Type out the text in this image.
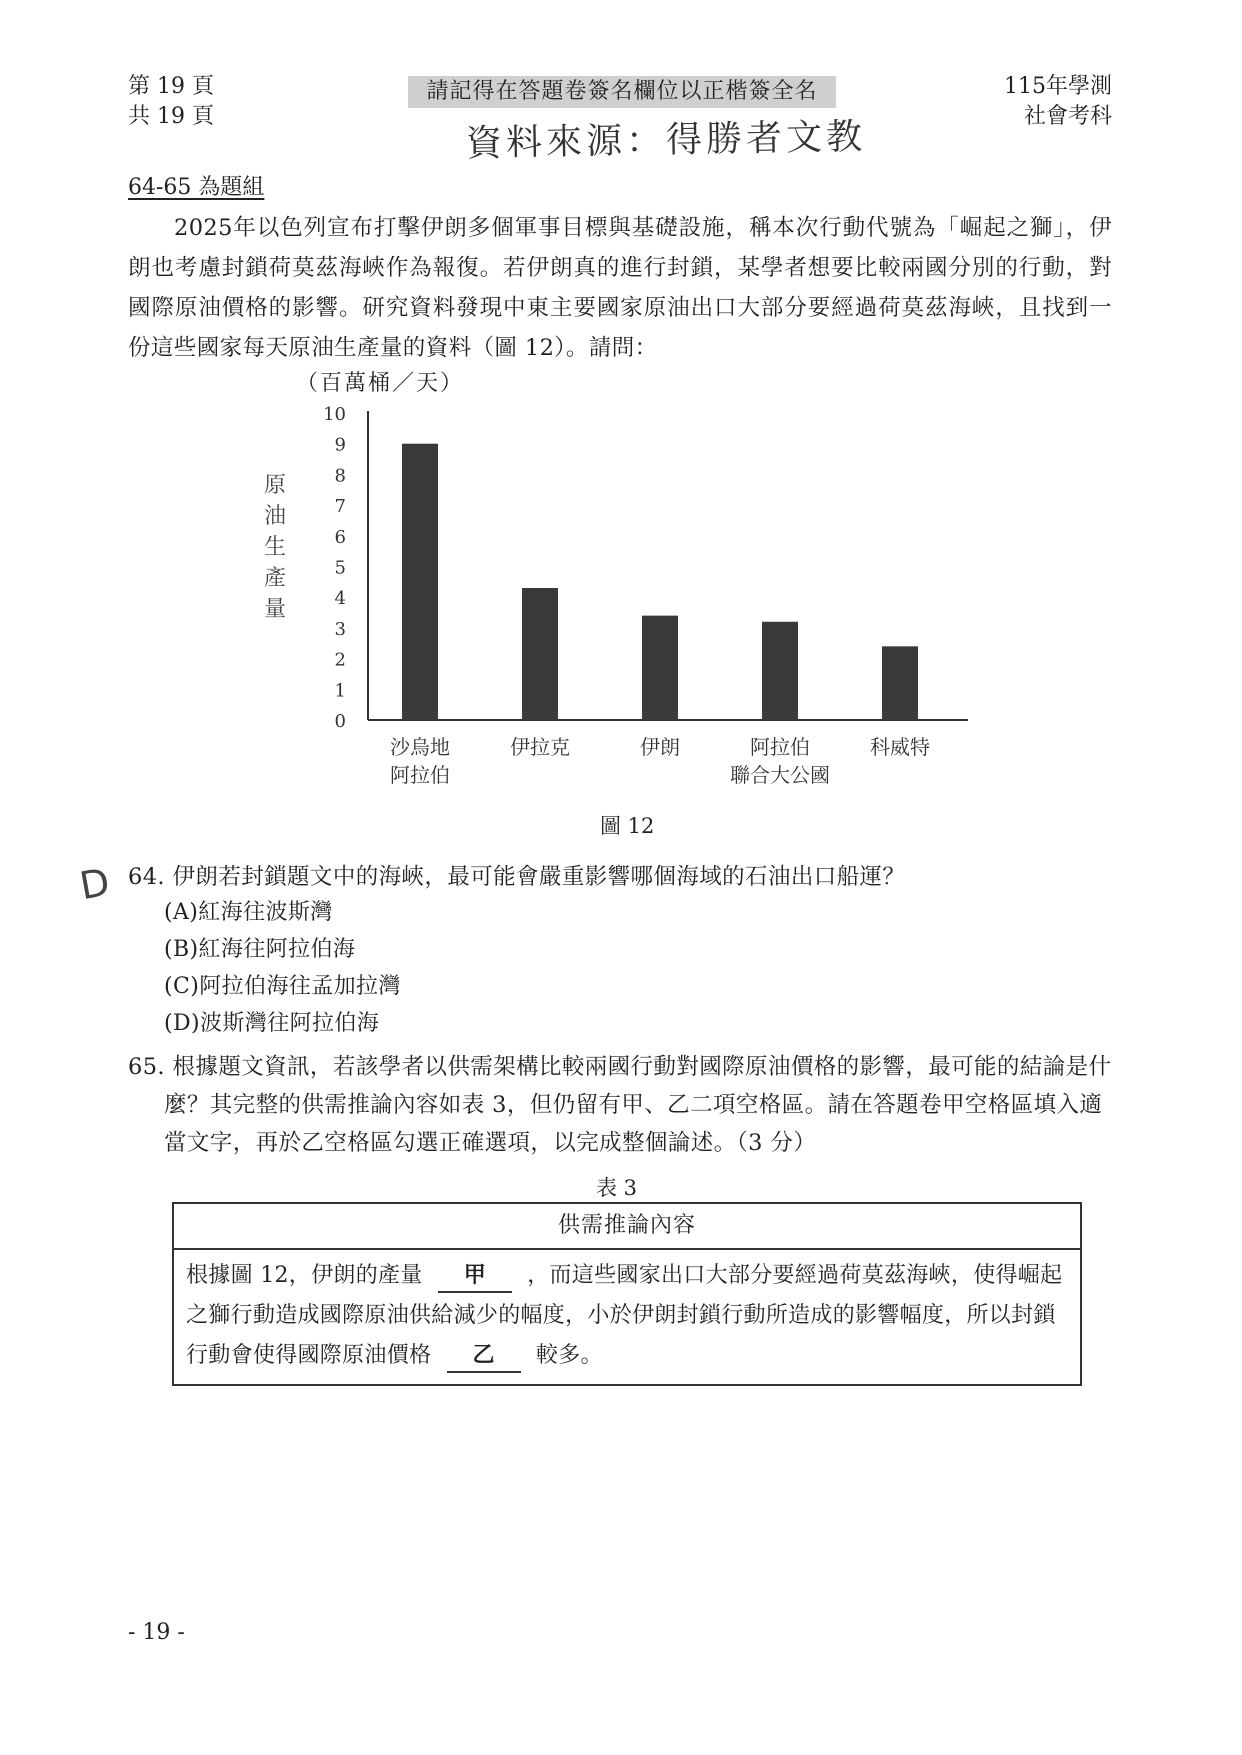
第 19 頁
共 19 頁
請記得在答題卷簽名欄位以正楷簽全名
資料來源：得勝者文教
115年學測
社會考科
64-65 為題組
2025年以色列宣布打擊伊朗多個軍事目標與基礎設施，稱本次行動代號為「崛起之獅」，伊朗也考慮封鎖荷莫茲海峽作為報復。若伊朗真的進行封鎖，某學者想要比較兩國分別的行動，對國際原油價格的影響。研究資料發現中東主要國家原油出口大部分要經過荷莫茲海峽，且找到一份這些國家每天原油生產量的資料（圖 12）。請問：
（百萬桶／天）
原
油
生
產
量
0
1
2
3
4
5
6
7
8
9
10
沙烏地
阿拉伯
伊拉克	伊朗	阿拉伯
聯合大公國
科威特
圖 12
D 64. 伊朗若封鎖題文中的海峽，最可能會嚴重影響哪個海域的石油出口船運？
(A)紅海往波斯灣
(B)紅海往阿拉伯海
(C)阿拉伯海往孟加拉灣
(D)波斯灣往阿拉伯海
65. 根據題文資訊，若該學者以供需架構比較兩國行動對國際原油價格的影響，最可能的結論是什麼？其完整的供需推論內容如表 3，但仍留有甲、乙二項空格區。請在答題卷甲空格區填入適當文字，再於乙空格區勾選正確選項，以完成整個論述。（3 分）
表 3
供需推論內容
根據圖 12，伊朗的產量 甲 ，而這些國家出口大部分要經過荷莫茲海峽，使得崛起之獅行動造成國際原油供給減少的幅度，小於伊朗封鎖行動所造成的影響幅度，所以封鎖行動會使得國際原油價格 乙 較多。
- 19 -
